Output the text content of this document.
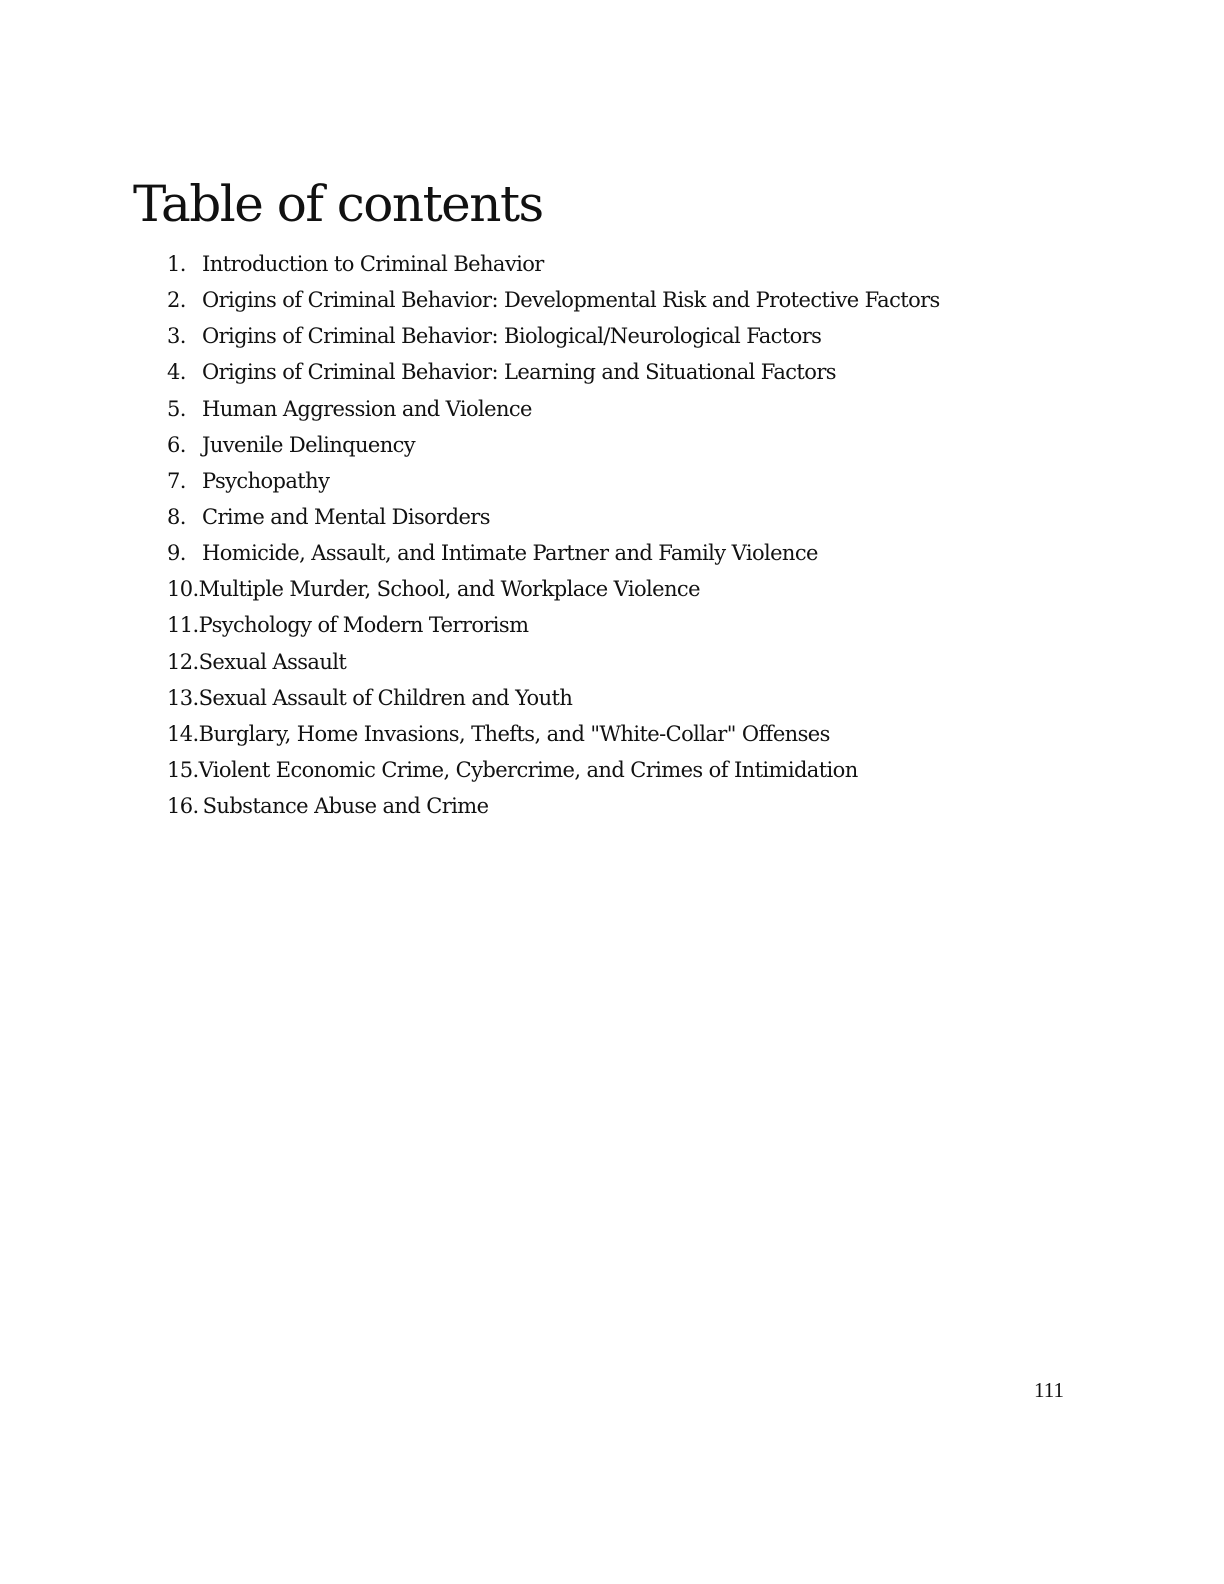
Table of contents
1. Introduction to Criminal Behavior
2. Origins of Criminal Behavior: Developmental Risk and Protective Factors
3. Origins of Criminal Behavior: Biological/Neurological Factors
4. Origins of Criminal Behavior: Learning and Situational Factors
5. Human Aggression and Violence
6. Juvenile Delinquency
7. Psychopathy
8. Crime and Mental Disorders
9. Homicide, Assault, and Intimate Partner and Family Violence
10. Multiple Murder, School, and Workplace Violence
11. Psychology of Modern Terrorism
12. Sexual Assault
13. Sexual Assault of Children and Youth
14. Burglary, Home Invasions, Thefts, and "White-Collar" Offenses
15. Violent Economic Crime, Cybercrime, and Crimes of Intimidation
16. Substance Abuse and Crime
111
